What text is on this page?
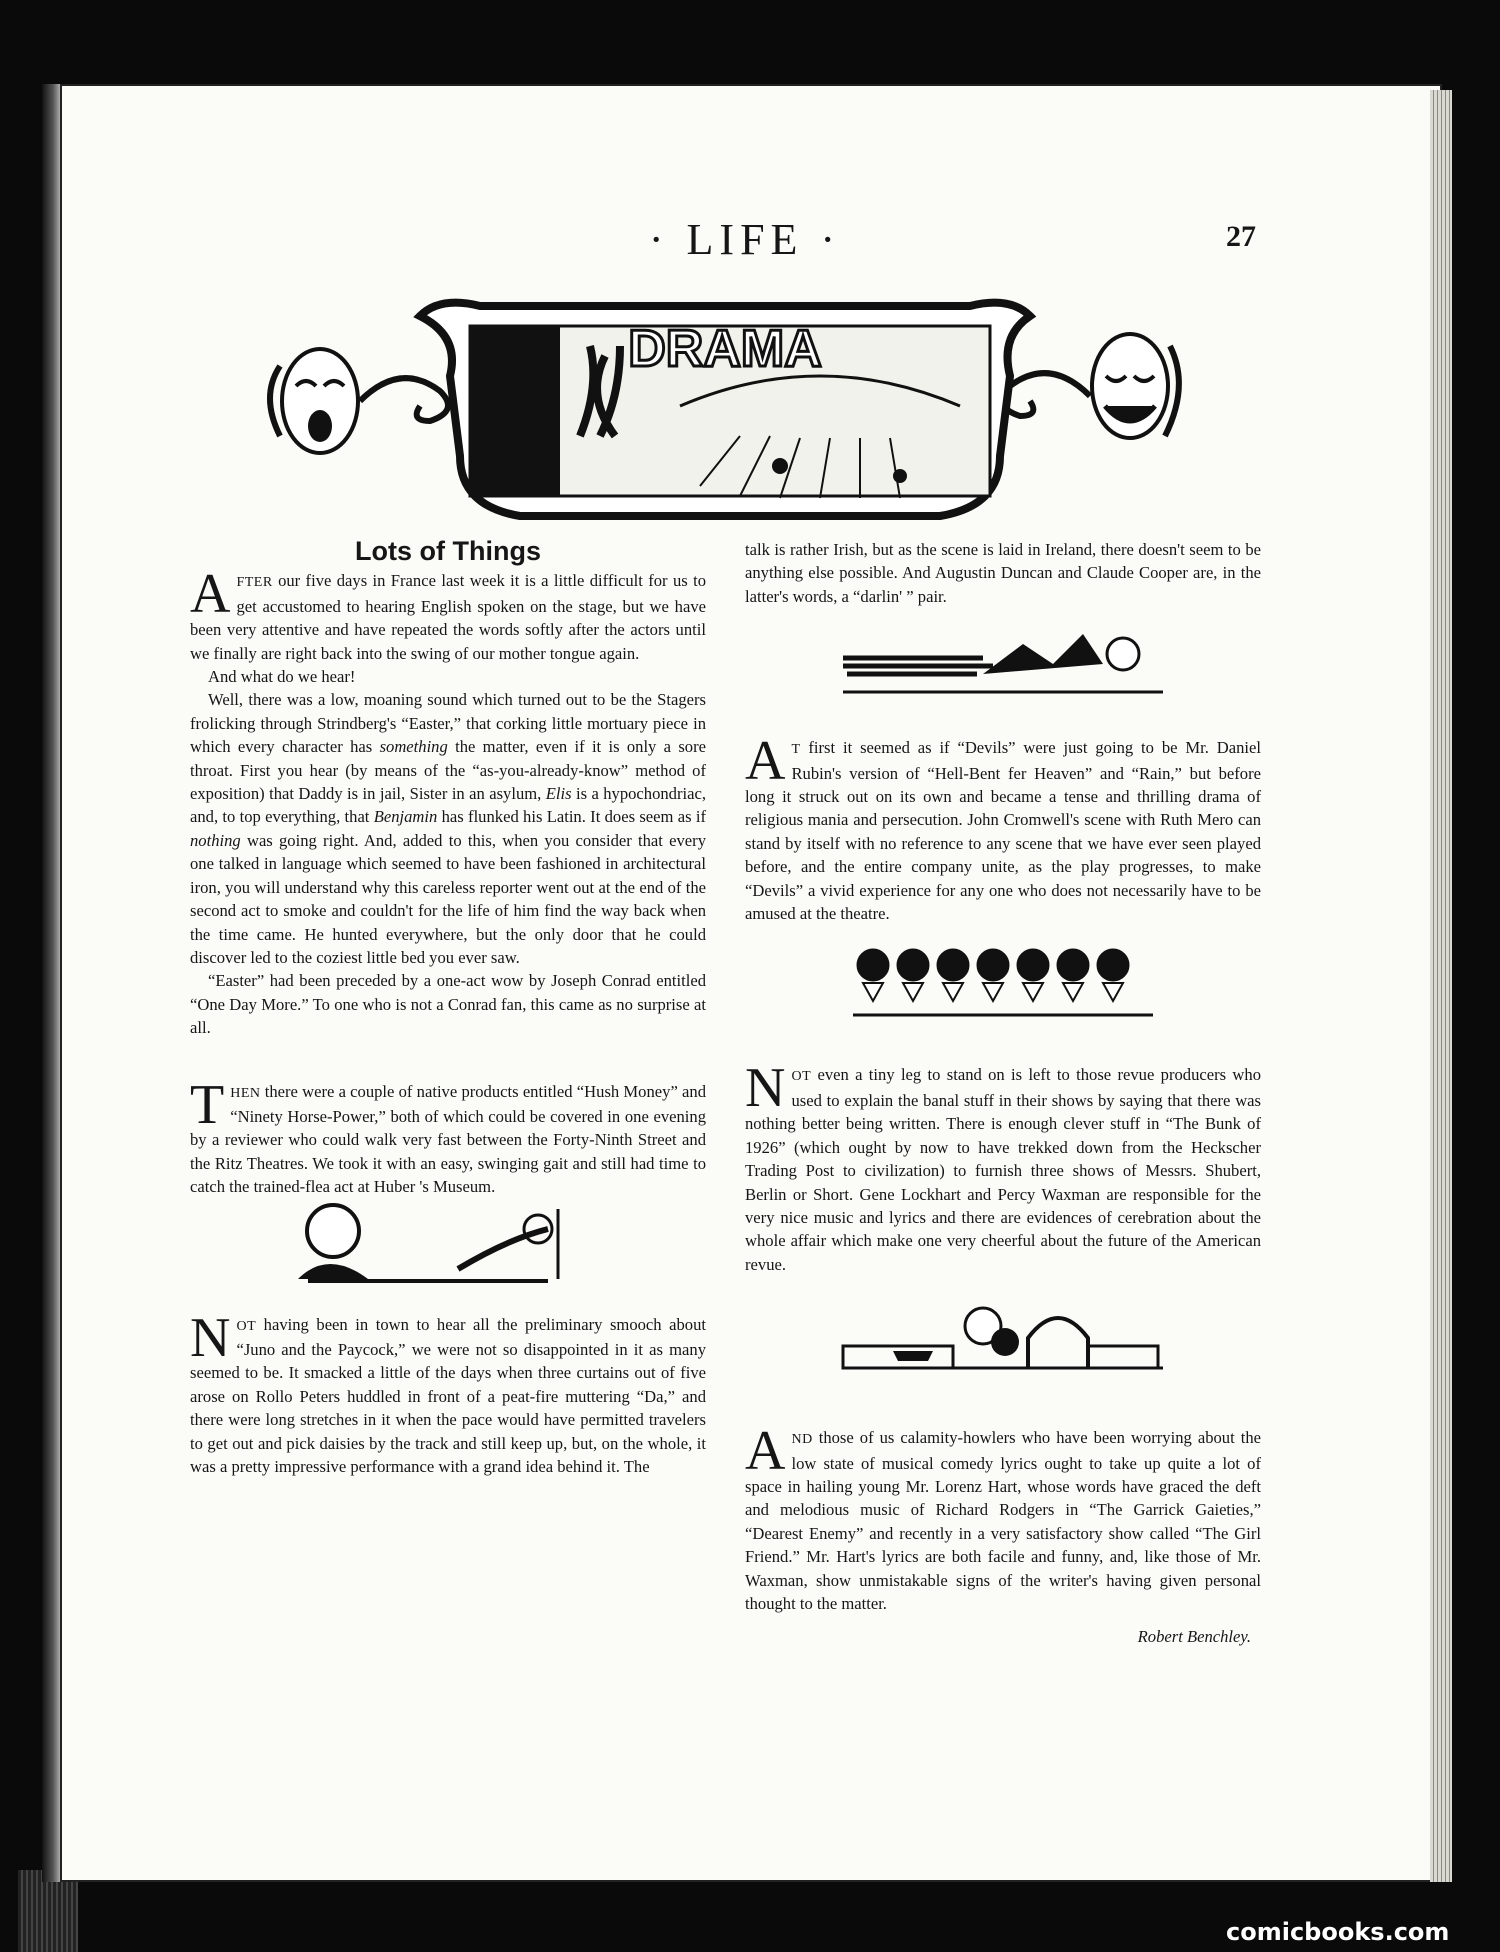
· LIFE ·	27
DRAMA
Lots of Things

AFTER our five days in France last week it is a little difficult for us to get accustomed to hearing English spoken on the stage, but we have been very attentive and have repeated the words softly after the actors until we finally are right back into the swing of our mother tongue again.

And what do we hear!

Well, there was a low, moaning sound which turned out to be the Stagers frolicking through Strindberg's “Easter,” that corking little mortuary piece in which every character has something the matter, even if it is only a sore throat. First you hear (by means of the “as-you-already-know” method of exposition) that Daddy is in jail, Sister in an asylum, Elis is a hypochondriac, and, to top everything, that Benjamin has flunked his Latin. It does seem as if nothing was going right. And, added to this, when you consider that every one talked in language which seemed to have been fashioned in architectural iron, you will understand why this careless reporter went out at the end of the second act to smoke and couldn't for the life of him find the way back when the time came. He hunted everywhere, but the only door that he could discover led to the coziest little bed you ever saw.

“Easter” had been preceded by a one-act wow by Joseph Conrad entitled “One Day More.” To one who is not a Conrad fan, this came as no surprise at all.

THEN there were a couple of native products entitled “Hush Money” and “Ninety Horse-Power,” both of which could be covered in one evening by a reviewer who could walk very fast between the Forty-Ninth Street and the Ritz Theatres. We took it with an easy, swinging gait and still had time to catch the trained-flea act at Huber 's Museum.

NOT having been in town to hear all the preliminary smooch about “Juno and the Paycock,” we were not so disappointed in it as many seemed to be. It smacked a little of the days when three curtains out of five arose on Rollo Peters huddled in front of a peat-fire muttering “Da,” and there were long stretches in it when the pace would have permitted travelers to get out and pick daisies by the track and still keep up, but, on the whole, it was a pretty impressive performance with a grand idea behind it. The

talk is rather Irish, but as the scene is laid in Ireland, there doesn't seem to be anything else possible. And Augustin Duncan and Claude Cooper are, in the latter's words, a “darlin' ” pair.

A T first it seemed as if “Devils” were just going to be Mr. Daniel Rubin's version of “Hell-Bent fer Heaven” and “Rain,” but before long it struck out on its own and became a tense and thrilling drama of religious mania and persecution. John Cromwell's scene with Ruth Mero can stand by itself with no reference to any scene that we have ever seen played before, and the entire company unite, as the play progresses, to make “Devils” a vivid experience for any one who does not necessarily have to be amused at the theatre.

NOT even a tiny leg to stand on is left to those revue producers who used to explain the banal stuff in their shows by saying that there was nothing better being written. There is enough clever stuff in “The Bunk of 1926” (which ought by now to have trekked down from the Heckscher Trading Post to civilization) to furnish three shows of Messrs. Shubert, Berlin or Short. Gene Lockhart and Percy Waxman are responsible for the very nice music and lyrics and there are evidences of cerebration about the whole affair which make one very cheerful about the future of the American revue.

AND those of us calamity-howlers who have been worrying about the low state of musical comedy lyrics ought to take up quite a lot of space in hailing young Mr. Lorenz Hart, whose words have graced the deft and melodious music of Richard Rodgers in “The Garrick Gaieties,” “Dearest Enemy” and recently in a very satisfactory show called “The Girl Friend.” Mr. Hart's lyrics are both facile and funny, and, like those of Mr. Waxman, show unmistakable signs of the writer's having given personal thought to the matter.

Robert Benchley.
comicbooks.com
